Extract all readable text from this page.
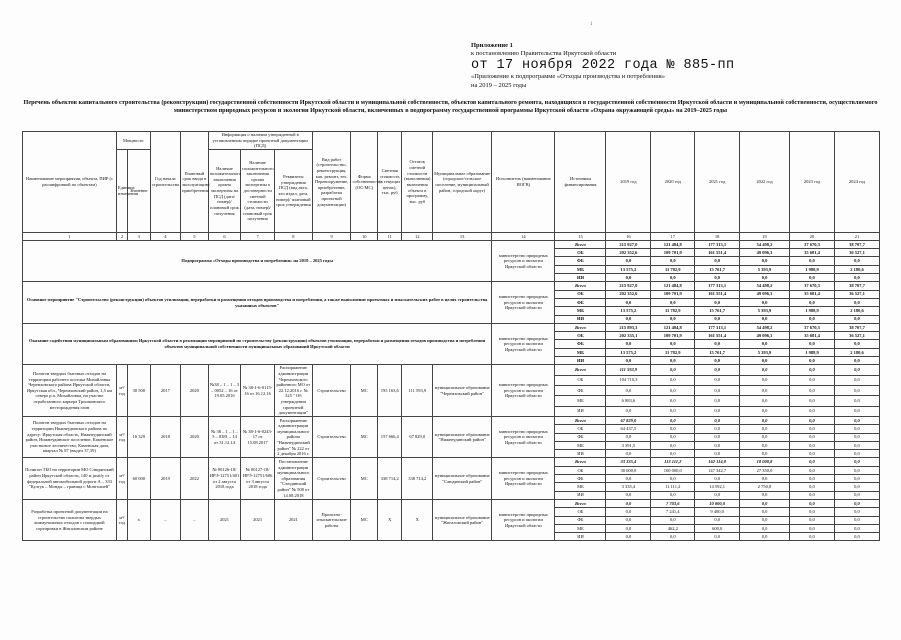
1
Приложение 1
к постановлению Правительства Иркутской области
от 17 ноября 2022 года № 885-пп
«Приложение к подпрограмме «Отходы производства и потребления»
на 2019 – 2025 годы
Перечень объектов капитального строительства (реконструкции) государственной собственности Иркутской области и муниципальной собственности, объектов капитального ремонта, находящихся в государственной собственности Иркутской области и муниципальной собственности, осуществляемого министерством природных ресурсов и экологии Иркутской области, включенных в подпрограмму государственной программы Иркутской области «Охрана окружающей среды» на 2019–2025 годы
Наименование мероприятия, объекта, ПИР (с расшифровкой по объектам)	Мощность		Год начала строительства	Плановый срок ввода в эксплуатацию/приобретения	Информация о наличии утвержденной в установленном порядке проектной документации (ПСД)			Вид работ (строительство, реконструкция, кап. ремонт, тех. Перевооружение, приобретение, разработка проектной документации)	Форма собственности (ОС/МС)	Сметная стоимость (в текущих ценах), тыс. руб	Остаток сметной стоимости (выполнения) включения объекта в программу, тыс. руб	Муниципальное образование (городское/сельское поселение, муниципальный район, городской округ)	Исполнитель (наименование ИОГВ)	Источники финансирования	2019 год	2020 год	2021 год	2022 год	2023 год	2024 год
	Единица измерения	Значение			Наличие положительного заключения органа экспертизы на ПСД (дата/номер)/ плановый срок получения	Наличие положительного заключения органа экспертизы о достоверности сметной стоимости (дата, номер)/плановый срок получения	Реквизиты утверждения ПСД (вид акта, кто издал, дата, номер)/ плановый срок утверждения													

1	2	3	4	5	6	7	8	9	10	11	12	13	14	15	16	17	18	19	20	21
Подпрограмма «Отходы производства и потребления» на 2019 – 2025 годы													министерство природных ресурсов и экологии Иркутской области	Всего	215 927,0	121 484,8	177 313,1	54 498,2	37 670,3	38 707,7
														ОБ	202 352,6	109 701,9	161 551,4	49 096,3	35 681,4	36 527,1
														ФБ	0,0	0,0	0,0	0,0	0,0	0,0
														МБ	13 575,2	11 782,9	15 761,7	5 393,9	1 988,9	2 180,6
														ИИ	0,0	0,0	0,0	0,0	0,0	0,0
Основное мероприятие "Строительство (реконструкция) объектов утилизации, переработки и размещения отходов производства и потребления, а также выполнение проектных и изыскательских работ в целях строительства указанных объектов"													министерство природных ресурсов и экологии Иркутской области	Всего	215 927,0	121 484,8	177 313,1	54 498,2	37 670,3	38 707,7
														ОБ	202 352,6	109 701,9	161 551,4	49 096,3	35 681,4	36 527,1
														ФБ	0,0	0,0	0,0	0,0	0,0	0,0
														МБ	13 575,2	11 782,9	15 761,7	5 393,9	1 988,9	2 180,6
														ИИ	0,0	0,0	0,0	0,0	0,0	0,0
Оказание содействия муниципальным образованиям Иркутской области в реализации мероприятий по строительству (реконструкции) объектов утилизации, переработки и размещения отходов производства и потребления объектов муниципальной собственности муниципальных образований Иркутской области													министерство природных ресурсов и экологии Иркутской области	Всего	215 893,3	121 484,8	177 313,1	54 498,2	37 670,3	38 707,7
														ОБ	202 335,1	109 701,9	161 551,4	49 096,3	35 681,4	36 527,1
														ФБ	0,0	0,0	0,0	0,0	0,0	0,0
														МБ	13 575,2	11 782,9	15 761,7	5 393,9	1 988,9	2 180,6
														ИИ	0,0	0,0	0,0	0,0	0,0	0,0
Полигон твердых бытовых отходов на территории рабочего поселка Михайловка Черемховского района Иркутской области, Иркутская обл., Черемховский район, 1,5 км северо р.п. Михайловка, на участке отработанного карьера Трошковского месторождения глин	м³/год	30 500	2017	2020	№38 – 1 – 1 – 3 – 0052 – 16 от 19.05.2016	№ 38-1-6-0115-16 от 16.12.16	Распоряжение администрации Черемховского районного МО от 22.12.2016 г. № 325 " Об утверждении проектной документации"	Строительство	МС	195 163,6	111 593,9	муниципальное образование "Черемховский район"	министерство природных ресурсов и экологии Иркутской области	Всего	111 593,9	0,0	0,0	0,0	0,0	0,0
														ОБ	104 710,3	0,0	0,0	0,0	0,0	0,0
														ФБ	0,0	0,0	0,0	0,0	0,0	0,0
														МБ	6 883,6	0,0	0,0	0,0	0,0	0,0
														ИИ	0,0	0,0	0,0	0,0	0,0	0,0
Полигон твердых бытовых отходов на территории Нижнеудинского района по адресу: Иркутская область, Нижнеудинский район, Нижнеудинское поселение, Каменское участковое лесничество, Каменская дача, квартал № 87 (выдел 37,39)	м³/год	16 329	2018	2020	№ 38 – 1 – 1 – 3 – 0381 – 14 от 31.12.14	№ 38-1-6-0243-17 от 15.08.2017	Распоряжение администрации муниципального района "Нижнеудинский район" № 222 от 2 декабря 2016 г.	Строительство	МС	157 666,4	67 829,0	муниципальное образование "Нижнеудинский район"	министерство природных ресурсов и экологии Иркутской области	Всего	67 829,0	0,0	0,0	0,0	0,0	0,0
														ОБ	64 437,5	0,0	0,0	0,0	0,0	0,0
														ФБ	0,0	0,0	0,0	0,0	0,0	0,0
														МБ	3 391,5	0,0	0,0	0,0	0,0	0,0
														ИИ	0,0	0,0	0,0	0,0	0,0	0,0
Полигон ТБО на территории МО Слюдянский район Иркутской области, 140 м justify от федеральной автомобильной дороги А – 333 "Култук – Монды – граница с Монголией"	м³/год	60 000	2019	2022	№ 00126-18/ИРЭ-12751/401 от 2 августа 2018 года	№ 00127-18/ИРЭ-12751/606 от 3 августа 2018 года	Постановление администрации муниципального образования "Слюдянский район" № 508 от 14.08.2018	Строительство	МС	338 714,2	338 714,2	муниципальное образование "Слюдянский район"	министерство природных ресурсов и экологии Иркутской области	Всего	33 335,4	113 111,2	162 114,8	18 000,8	0,0	0,0
														ОБ	30 000,0	100 000,0	147 342,7	27 350,0	0,0	0,0
														ФБ	0,0	0,0	0,0	0,0	0,0	0,0
														МБ	3 335,4	11 111,2	14 592,1	2 750,8	0,0	0,0
														ИИ	0,0	0,0	0,0	0,0	0,0	0,0
Разработка проектной документации на строительство полигона твердых коммунальных отходов с площадкой сортировки в Жигаловском районе	м³/год	х	–	–	2021	2021	2021	Проектно-изыскательские работы	МС	Х	Х	муниципальное образование "Жигаловский район"	министерство природных ресурсов и экологии Иркутской области	Всего	0,0	7 703,6	10 000,0	0,0	0,0	0,0
														ОБ	0,0	7 241,4	9 400,0	0,0	0,0	0,0
														ФБ	0,0	0,0	0,0	0,0	0,0	0,0
														МБ	0,0	462,2	600,0	0,0	0,0	0,0
														ИИ	0,0	0,0	0,0	0,0	0,0	0,0
